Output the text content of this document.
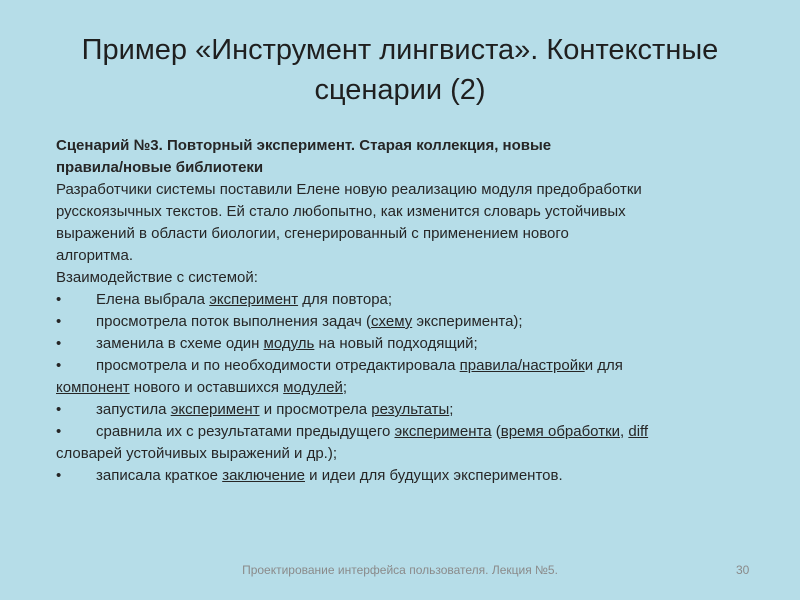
Пример «Инструмент лингвиста». Контекстные
сценарии (2)
Сценарий №3. Повторный эксперимент. Старая коллекция, новые
правила/новые библиотеки
Разработчики системы поставили Елене новую реализацию модуля предобработки
русскоязычных текстов. Ей стало любопытно, как изменится словарь устойчивых
выражений в области биологии, сгенерированный с применением нового
алгоритма.
Взаимодействие с системой:
• Елена выбрала эксперимент для повтора;
• просмотрела поток выполнения задач (схему эксперимента);
• заменила в схеме один модуль на новый подходящий;
• просмотрела и по необходимости отредактировала правила/настройки для
компонент нового и оставшихся модулей;
• запустила эксперимент и просмотрела результаты;
• сравнила их с результатами предыдущего эксперимента (время обработки, diff
словарей устойчивых выражений и др.);
• записала краткое заключение и идеи для будущих экспериментов.
Проектирование интерфейса пользователя. Лекция №5.	30
